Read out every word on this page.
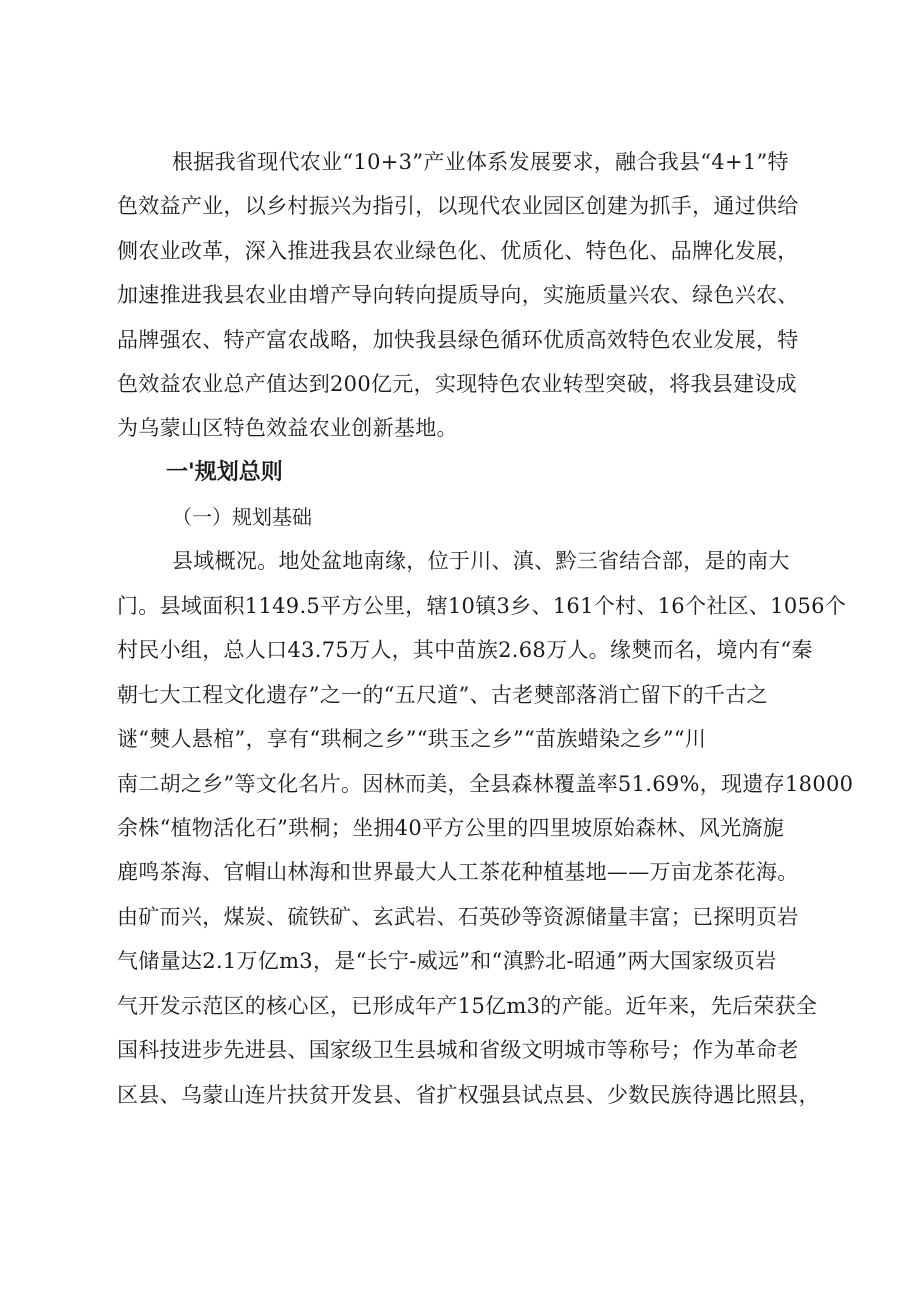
根据我省现代农业“10+3”产业体系发展要求，融合我县“4+1”特
色效益产业，以乡村振兴为指引，以现代农业园区创建为抓手，通过供给
侧农业改革，深入推进我县农业绿色化、优质化、特色化、品牌化发展，
加速推进我县农业由增产导向转向提质导向，实施质量兴农、绿色兴农、
品牌强农、特产富农战略，加快我县绿色循环优质高效特色农业发展，特
色效益农业总产值达到200亿元，实现特色农业转型突破，将我县建设成
为乌蒙山区特色效益农业创新基地。
一'规划总则
（一）规划基础
县域概况。地处盆地南缘，位于川、滇、黔三省结合部，是的南大
门。县域面积1149.5平方公里，辖10镇3乡、161个村、16个社区、1056个
村民小组，总人口43.75万人，其中苗族2.68万人。缘僰而名，境内有“秦
朝七大工程文化遗存”之一的“五尺道”、古老僰部落消亡留下的千古之
谜“僰人悬棺”，享有“珙桐之乡”“珙玉之乡”“苗族蜡染之乡”“川
南二胡之乡”等文化名片。因林而美，全县森林覆盖率51.69%，现遗存18000
余株“植物活化石”珙桐；坐拥40平方公里的四里坡原始森林、风光旖旎
鹿鸣茶海、官帽山林海和世界最大人工茶花种植基地——万亩龙茶花海。
由矿而兴，煤炭、硫铁矿、玄武岩、石英砂等资源储量丰富；已探明页岩
气储量达2.1万亿m3，是“长宁-威远”和“滇黔北-昭通”两大国家级页岩
气开发示范区的核心区，已形成年产15亿m3的产能。近年来，先后荣获全
国科技进步先进县、国家级卫生县城和省级文明城市等称号；作为革命老
区县、乌蒙山连片扶贫开发县、省扩权强县试点县、少数民族待遇比照县，
